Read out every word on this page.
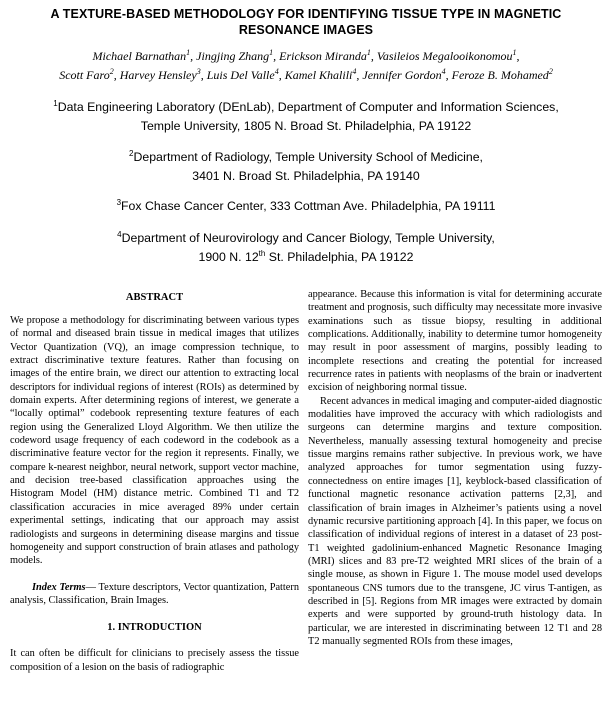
A TEXTURE-BASED METHODOLOGY FOR IDENTIFYING TISSUE TYPE IN MAGNETIC
RESONANCE IMAGES
Michael Barnathan$^1$, Jingjing Zhang$^1$, Erickson Miranda$^1$, Vasileios Megalooikonomou$^1$,
Scott Faro$^2$, Harvey Hensley$^3$, Luis Del Valle$^4$, Kamel Khalili$^4$, Jennifer Gordon$^4$, Feroze B. Mohamed$^2$
$^1$Data Engineering Laboratory (DEnLab), Department of Computer and Information Sciences,
Temple University, 1805 N. Broad St. Philadelphia, PA 19122
$^2$Department of Radiology, Temple University School of Medicine,
3401 N. Broad St. Philadelphia, PA 19140
$^3$Fox Chase Cancer Center, 333 Cottman Ave. Philadelphia, PA 19111
$^4$Department of Neurovirology and Cancer Biology, Temple University,
1900 N. 12th St. Philadelphia, PA 19122
ABSTRACT

We propose a methodology for discriminating between various types of normal and diseased brain tissue in medical images that utilizes Vector Quantization (VQ), an image compression technique, to extract discriminative texture features. Rather than focusing on images of the entire brain, we direct our attention to extracting local descriptors for individual regions of interest (ROIs) as determined by domain experts. After determining regions of interest, we generate a “locally optimal” codebook representing texture features of each region using the Generalized Lloyd Algorithm. We then utilize the codeword usage frequency of each codeword in the codebook as a discriminative feature vector for the region it represents. Finally, we compare k-nearest neighbor, neural network, support vector machine, and decision tree-based classification approaches using the Histogram Model (HM) distance metric. Combined T1 and T2 classification accuracies in mice averaged 89% under certain experimental settings, indicating that our approach may assist radiologists and surgeons in determining disease margins and tissue homogeneity and support construction of brain atlases and pathology models.

Index Terms— Texture descriptors, Vector quantization, Pattern analysis, Classification, Brain Images.

1. INTRODUCTION

It can often be difficult for clinicians to precisely assess the tissue composition of a lesion on the basis of radiographic

appearance. Because this information is vital for determining accurate treatment and prognosis, such difficulty may necessitate more invasive examinations such as tissue biopsy, resulting in additional complications. Additionally, inability to determine tumor homogeneity may result in poor assessment of margins, possibly leading to incomplete resections and creating the potential for increased recurrence rates in patients with neoplasms of the brain or inadvertent excision of neighboring normal tissue.

Recent advances in medical imaging and computer-aided diagnostic modalities have improved the accuracy with which radiologists and surgeons can determine margins and texture composition. Nevertheless, manually assessing textural homogeneity and precise tissue margins remains rather subjective. In previous work, we have analyzed approaches for tumor segmentation using fuzzy-connectedness on entire images [1], keyblock-based classification of functional magnetic resonance activation patterns [2,3], and classification of brain images in Alzheimer’s patients using a novel dynamic recursive partitioning approach [4]. In this paper, we focus on classification of individual regions of interest in a dataset of 23 post-T1 weighted gadolinium-enhanced Magnetic Resonance Imaging (MRI) slices and 83 pre-T2 weighted MRI slices of the brain of a single mouse, as shown in Figure 1. The mouse model used develops spontaneous CNS tumors due to the transgene, JC virus T-antigen, as described in [5]. Regions from MR images were extracted by domain experts and were supported by ground-truth histology data. In particular, we are interested in discriminating between 12 T1 and 28 T2 manually segmented ROIs from these images,
